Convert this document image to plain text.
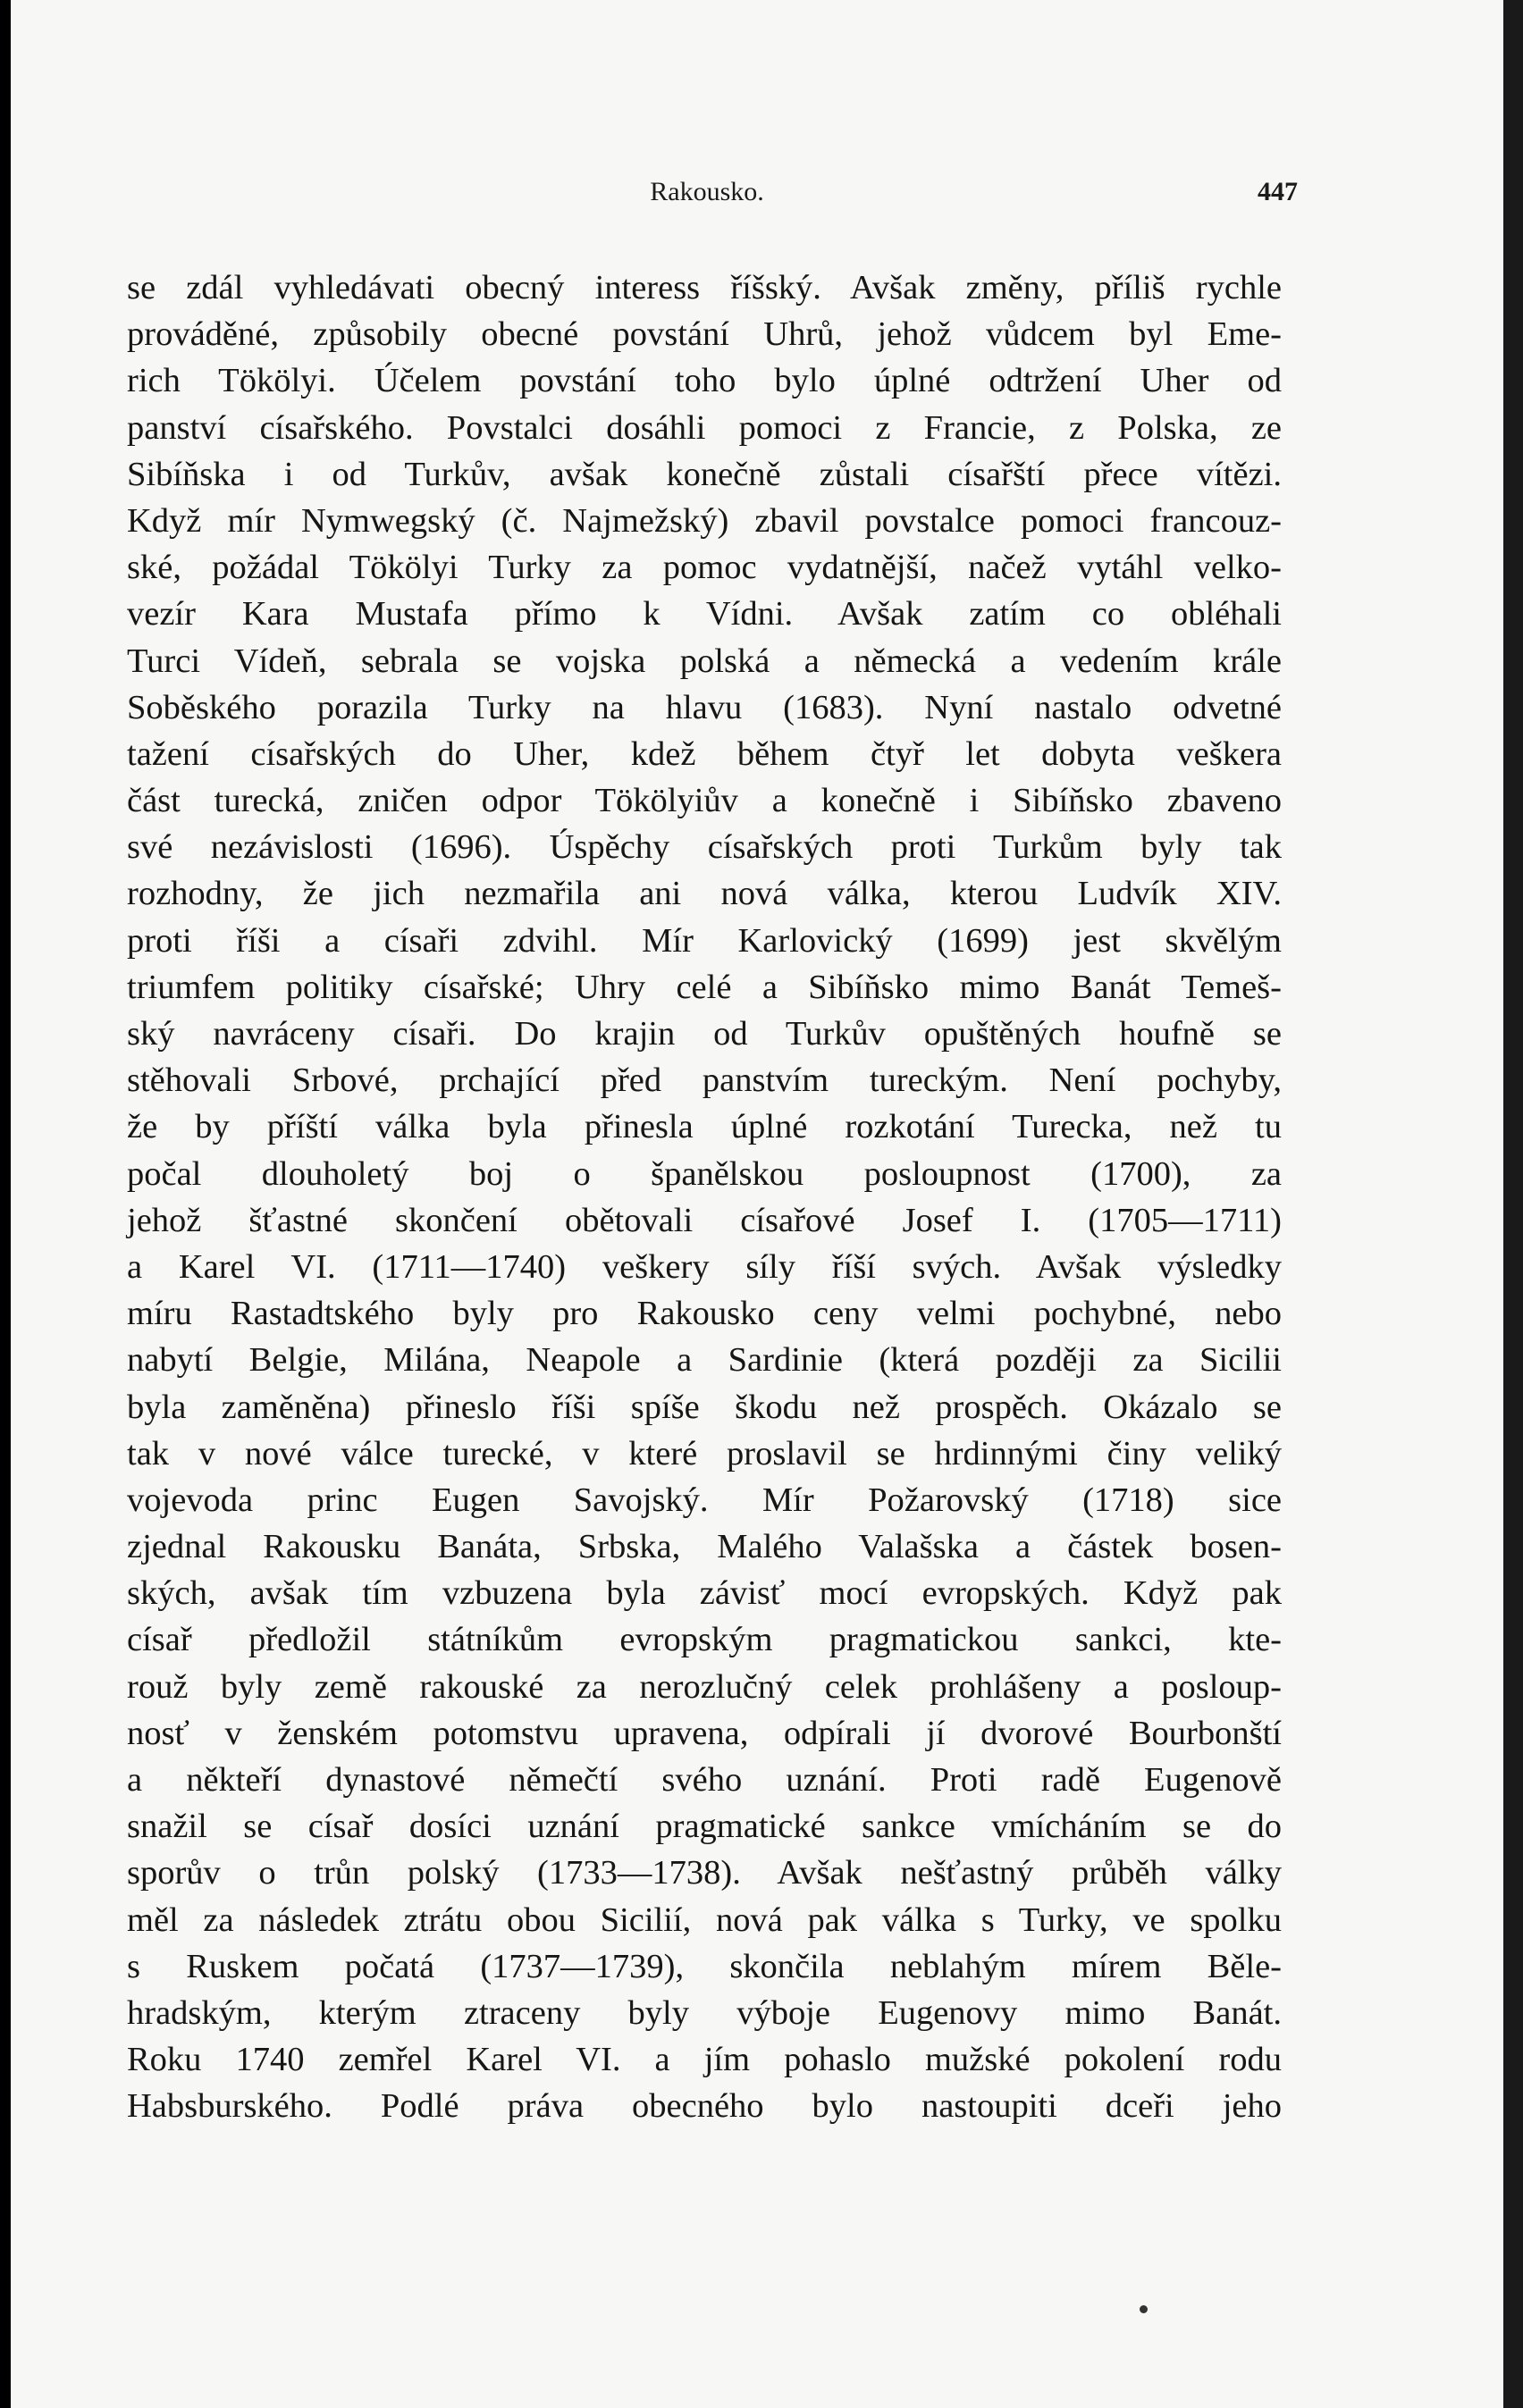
Rakousko.	447
se zdál vyhledávati obecný interess říšský. Avšak změny, příliš rychle
prováděné, způsobily obecné povstání Uhrů, jehož vůdcem byl Eme-
rich Tökölyi. Účelem povstání toho bylo úplné odtržení Uher od
panství císařského. Povstalci dosáhli pomoci z Francie, z Polska, ze
Sibíňska i od Turkův, avšak konečně zůstali císařští přece vítězi.
Když mír Nymwegský (č. Najmežský) zbavil povstalce pomoci francouz-
ské, požádal Tökölyi Turky za pomoc vydatnější, načež vytáhl velko-
vezír Kara Mustafa přímo k Vídni. Avšak zatím co obléhali
Turci Vídeň, sebrala se vojska polská a německá a vedením krále
Soběského porazila Turky na hlavu (1683). Nyní nastalo odvetné
tažení císařských do Uher, kdež během čtyř let dobyta veškera
část turecká, zničen odpor Tökölyiův a konečně i Sibíňsko zbaveno
své nezávislosti (1696). Úspěchy císařských proti Turkům byly tak
rozhodny, že jich nezmařila ani nová válka, kterou Ludvík XIV.
proti říši a císaři zdvihl. Mír Karlovický (1699) jest skvělým
triumfem politiky císařské; Uhry celé a Sibíňsko mimo Banát Temeš-
ský navráceny císaři. Do krajin od Turkův opuštěných houfně se
stěhovali Srbové, prchající před panstvím tureckým. Není pochyby,
že by příští válka byla přinesla úplné rozkotání Turecka, než tu
počal dlouholetý boj o španělskou posloupnost (1700), za
jehož šťastné skončení obětovali císařové Josef I. (1705—1711)
a Karel VI. (1711—1740) veškery síly říší svých. Avšak výsledky
míru Rastadtského byly pro Rakousko ceny velmi pochybné, nebo
nabytí Belgie, Milána, Neapole a Sardinie (která později za Sicilii
byla zaměněna) přineslo říši spíše škodu než prospěch. Okázalo se
tak v nové válce turecké, v které proslavil se hrdinnými činy veliký
vojevoda princ Eugen Savojský. Mír Požarovský (1718) sice
zjednal Rakousku Banáta, Srbska, Malého Valašska a částek bosen-
ských, avšak tím vzbuzena byla závisť mocí evropských. Když pak
císař předložil státníkům evropským pragmatickou sankci, kte-
rouž byly země rakouské za nerozlučný celek prohlášeny a posloup-
nosť v ženském potomstvu upravena, odpírali jí dvorové Bourbonští
a někteří dynastové němečtí svého uznání. Proti radě Eugenově
snažil se císař dosíci uznání pragmatické sankce vmícháním se do
sporův o trůn polský (1733—1738). Avšak nešťastný průběh války
měl za následek ztrátu obou Sicilií, nová pak válka s Turky, ve spolku
s Ruskem počatá (1737—1739), skončila neblahým mírem Běle-
hradským, kterým ztraceny byly výboje Eugenovy mimo Banát.
Roku 1740 zemřel Karel VI. a jím pohaslo mužské pokolení rodu
Habsburského. Podlé práva obecného bylo nastoupiti dceři jeho
